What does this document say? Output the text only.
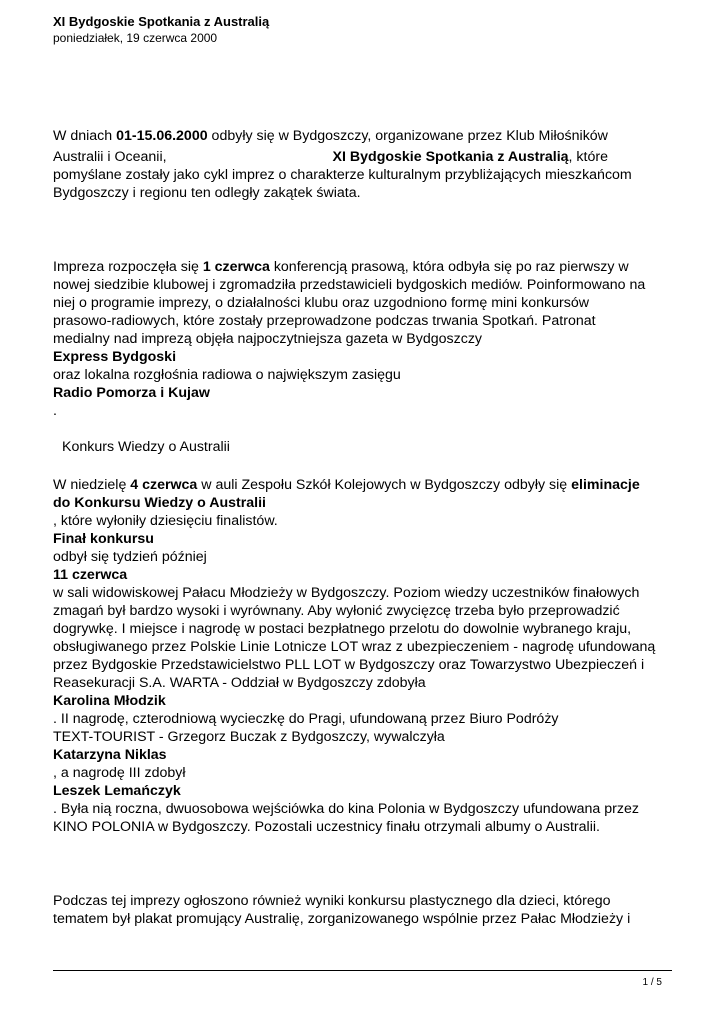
XI Bydgoskie Spotkania z Australią
poniedziałek, 19 czerwca 2000
W dniach 01-15.06.2000 odbyły się w Bydgoszczy, organizowane przez Klub Miłośników
Australii i Oceanii,	XI Bydgoskie Spotkania z Australią, które
pomyślane zostały jako cykl imprez o charakterze kulturalnym przybliżających mieszkańcom
Bydgoszczy i regionu ten odległy zakątek świata.
Impreza rozpoczęła się 1 czerwca konferencją prasową, która odbyła się po raz pierwszy w
nowej siedzibie klubowej i zgromadziła przedstawicieli bydgoskich mediów. Poinformowano na
niej o programie imprezy, o działalności klubu oraz uzgodniono formę mini konkursów
prasowo-radiowych, które zostały przeprowadzone podczas trwania Spotkań. Patronat
medialny nad imprezą objęła najpoczytniejsza gazeta w Bydgoszczy
Express Bydgoski
oraz lokalna rozgłośnia radiowa o największym zasięgu
Radio Pomorza i Kujaw
.
Konkurs Wiedzy o Australii
W niedzielę 4 czerwca w auli Zespołu Szkół Kolejowych w Bydgoszczy odbyły się eliminacje
do Konkursu Wiedzy o Australii
, które wyłoniły dziesięciu finalistów.
Finał konkursu
odbył się tydzień później
11 czerwca
w sali widowiskowej Pałacu Młodzieży w Bydgoszczy. Poziom wiedzy uczestników finałowych
zmagań był bardzo wysoki i wyrównany. Aby wyłonić zwycięzcę trzeba było przeprowadzić
dogrywkę. I miejsce i nagrodę w postaci bezpłatnego przelotu do dowolnie wybranego kraju,
obsługiwanego przez Polskie Linie Lotnicze LOT wraz z ubezpieczeniem - nagrodę ufundowaną
przez Bydgoskie Przedstawicielstwo PLL LOT w Bydgoszczy oraz Towarzystwo Ubezpieczeń i
Reasekuracji S.A. WARTA - Oddział w Bydgoszczy zdobyła
Karolina Młodzik
. II nagrodę, czterodniową wycieczkę do Pragi, ufundowaną przez Biuro Podróży
TEXT-TOURIST - Grzegorz Buczak z Bydgoszczy, wywalczyła
Katarzyna Niklas
, a nagrodę III zdobył
Leszek Lemańczyk
. Była nią roczna, dwuosobowa wejściówka do kina Polonia w Bydgoszczy ufundowana przez
KINO POLONIA w Bydgoszczy. Pozostali uczestnicy finału otrzymali albumy o Australii.
Podczas tej imprezy ogłoszono również wyniki konkursu plastycznego dla dzieci, którego
tematem był plakat promujący Australię, zorganizowanego wspólnie przez Pałac Młodzieży i
1 / 5
